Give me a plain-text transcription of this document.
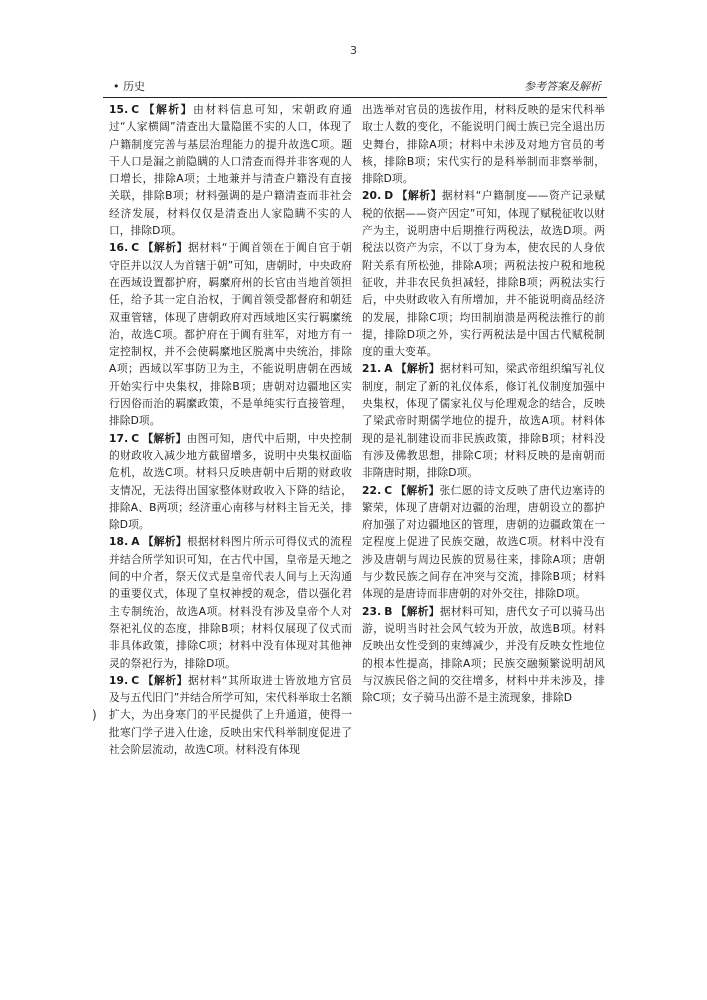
3
• 历史	参考答案及解析
)

15. C 【解析】由材料信息可知，宋朝政府通过“人家横阔”清查出大量隐匿不实的人口，体现了户籍制度完善与基层治理能力的提升故选C项。题干人口是漏之前隐瞒的人口清查而得并非客观的人口增长，排除A项；土地兼并与清查户籍没有直接关联，排除B项；材料强调的是户籍清查而非社会经济发展，材料仅仅是清查出人家隐瞒不实的人口，排除D项。

16. C 【解析】据材料“于阗首领在于阗自官于朝守臣并以汉人为首辖于朝”可知，唐朝时，中央政府在西域设置都护府，羁縻府州的长官由当地首领担任，给予其一定自治权，于阗首领受都督府和朝廷双重管辖，体现了唐朝政府对西域地区实行羁縻统治，故选C项。都护府在于阗有驻军，对地方有一定控制权，并不会使羁縻地区脱离中央统治，排除A项；西域以军事防卫为主，不能说明唐朝在西域开始实行中央集权，排除B项；唐朝对边疆地区实行因俗而治的羁縻政策，不是单纯实行直接管理，排除D项。

17. C 【解析】由图可知，唐代中后期，中央控制的财政收入减少地方截留增多，说明中央集权面临危机，故选C项。材料只反映唐朝中后期的财政收支情况，无法得出国家整体财政收入下降的结论，排除A、B两项；经济重心南移与材料主旨无关，排除D项。

18. A 【解析】根据材料图片所示可得仪式的流程并结合所学知识可知，在古代中国，皇帝是天地之间的中介者，祭天仪式是皇帝代表人间与上天沟通的重要仪式，体现了皇权神授的观念，借以强化君主专制统治，故选A项。材料没有涉及皇帝个人对祭祀礼仪的态度，排除B项；材料仅展现了仪式而非具体政策，排除C项；材料中没有体现对其他神灵的祭祀行为，排除D项。

19. C 【解析】据材料“其所取进士皆放地方官员及与五代旧门”并结合所学可知，宋代科举取士名额扩大，为出身寒门的平民提供了上升通道，使得一批寒门学子进入仕途，反映出宋代科举制度促进了社会阶层流动，故选C项。材料没有体现

出选举对官员的选拔作用，材料反映的是宋代科举取士人数的变化，不能说明门阀士族已完全退出历史舞台，排除A项；材料中未涉及对地方官员的考核，排除B项；宋代实行的是科举制而非察举制，排除D项。

20. D 【解析】据材料“户籍制度——资产记录赋税的依据——资产因定”可知，体现了赋税征收以财产为主，说明唐中后期推行两税法，故选D项。两税法以资产为宗，不以丁身为本，使农民的人身依附关系有所松弛，排除A项；两税法按户税和地税征收，并非农民负担减轻，排除B项；两税法实行后，中央财政收入有所增加，并不能说明商品经济的发展，排除C项；均田制崩溃是两税法推行的前提，排除D项之外，实行两税法是中国古代赋税制度的重大变革。

21. A 【解析】据材料可知，梁武帝组织编写礼仪制度，制定了新的礼仪体系，修订礼仪制度加强中央集权，体现了儒家礼仪与伦理观念的结合，反映了梁武帝时期儒学地位的提升，故选A项。材料体现的是礼制建设而非民族政策，排除B项；材料没有涉及佛教思想，排除C项；材料反映的是南朝而非隋唐时期，排除D项。

22. C 【解析】张仁愿的诗文反映了唐代边塞诗的繁荣，体现了唐朝对边疆的治理，唐朝设立的都护府加强了对边疆地区的管理，唐朝的边疆政策在一定程度上促进了民族交融，故选C项。材料中没有涉及唐朝与周边民族的贸易往来，排除A项；唐朝与少数民族之间存在冲突与交流，排除B项；材料体现的是唐诗而非唐朝的对外交往，排除D项。

23. B 【解析】据材料可知，唐代女子可以骑马出游，说明当时社会风气较为开放，故选B项。材料反映出女性受到的束缚减少，并没有反映女性地位的根本性提高，排除A项；民族交融频繁说明胡风与汉族民俗之间的交往增多，材料中并未涉及，排除C项；女子骑马出游不是主流现象，排除D
